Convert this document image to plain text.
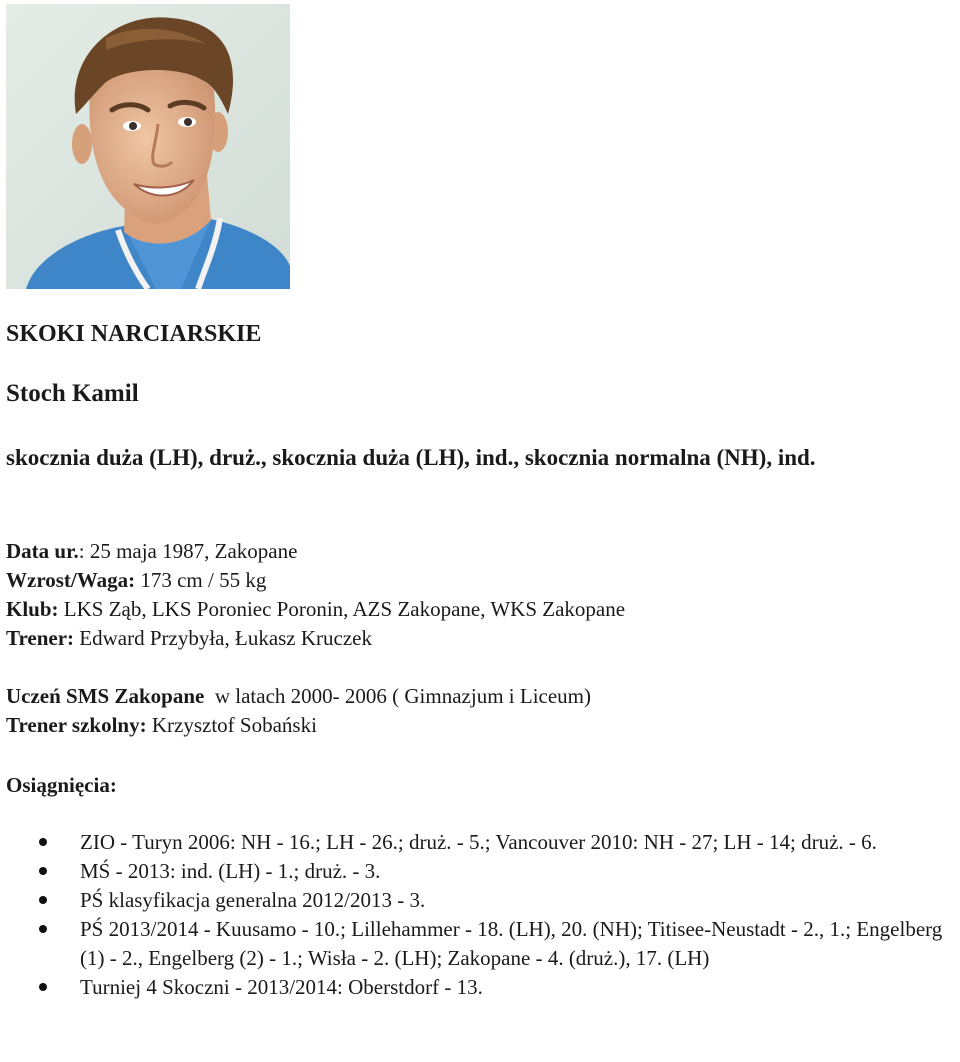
SKOKI NARCIARSKIE
Stoch Kamil
skocznia duża (LH), druż., skocznia duża (LH), ind., skocznia normalna (NH), ind.
Data ur.: 25 maja 1987, Zakopane
Wzrost/Waga: 173 cm / 55 kg
Klub: LKS Ząb, LKS Poroniec Poronin, AZS Zakopane, WKS Zakopane
Trener: Edward Przybyła, Łukasz Kruczek
Uczeń SMS Zakopane  w latach 2000- 2006 ( Gimnazjum i Liceum)
Trener szkolny: Krzysztof Sobański
Osiągnięcia:
ZIO - Turyn 2006: NH - 16.; LH - 26.; druż. - 5.; Vancouver 2010: NH - 27; LH - 14; druż. - 6.
MŚ - 2013: ind. (LH) - 1.; druż. - 3.
PŚ klasyfikacja generalna 2012/2013 - 3.
PŚ 2013/2014 - Kuusamo - 10.; Lillehammer - 18. (LH), 20. (NH); Titisee-Neustadt - 2., 1.; Engelberg (1) - 2., Engelberg (2) - 1.; Wisła - 2. (LH); Zakopane - 4. (druż.), 17. (LH)
Turniej 4 Skoczni - 2013/2014: Oberstdorf - 13.
